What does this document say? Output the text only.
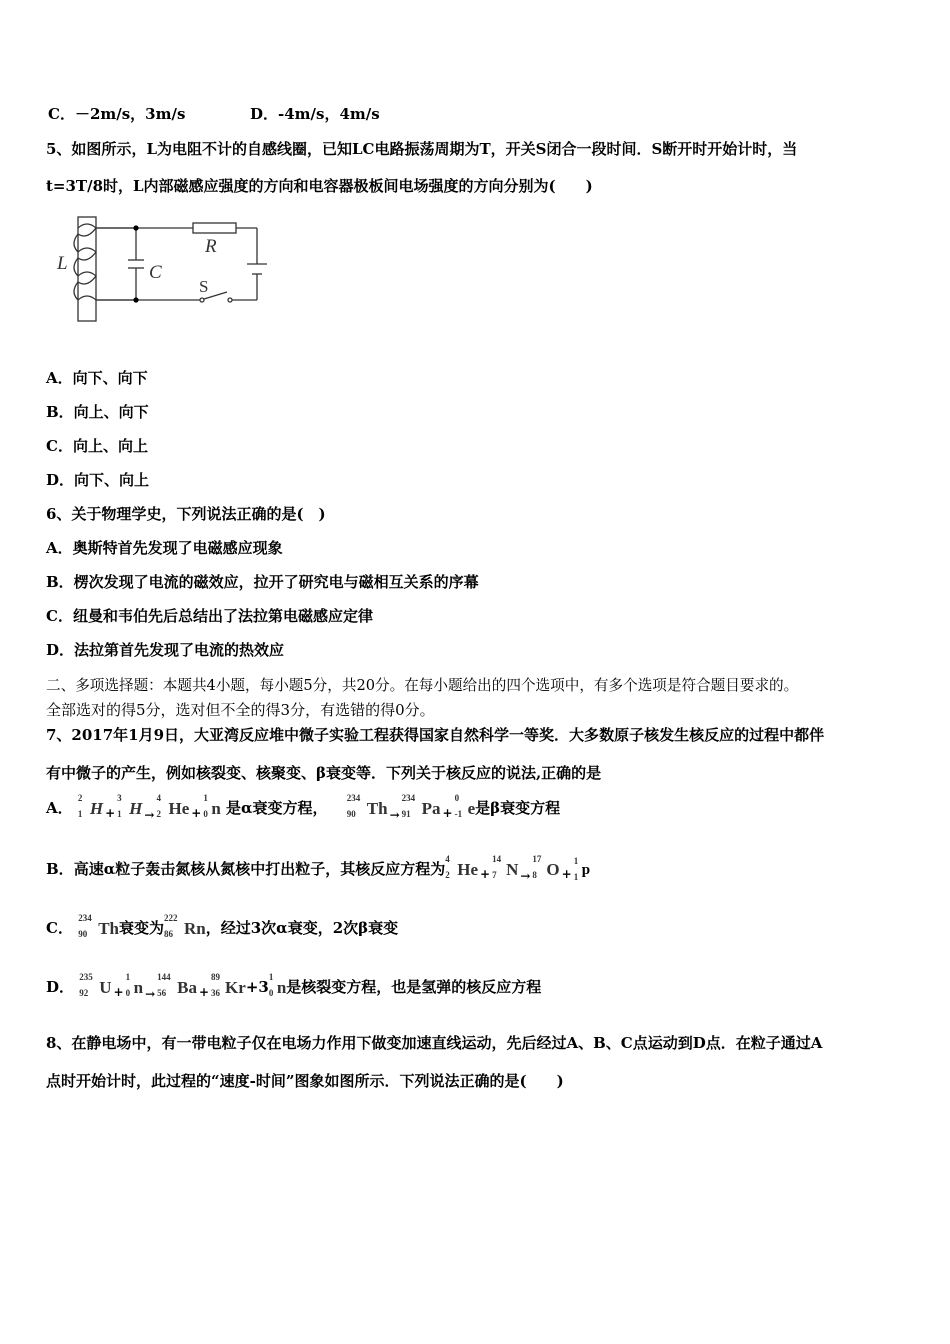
C．－2m/s，3m/s	D．-4m/s，4m/s
5、如图所示，L为电阻不计的自感线圈，已知LC电路振荡周期为T，开关S闭合一段时间．S断开时开始计时，当
t=3T/8时，L内部磁感应强度的方向和电容器极板间电场强度的方向分别为(　　)
L	C
R
S
A．向下、向下
B．向上、向下
C．向上、向上
D．向下、向上
6、关于物理学史，下列说法正确的是(　)
A．奥斯特首先发现了电磁感应现象
B．楞次发现了电流的磁效应，拉开了研究电与磁相互关系的序幕
C．纽曼和韦伯先后总结出了法拉第电磁感应定律
D．法拉第首先发现了电流的热效应
二、多项选择题：本题共4小题，每小题5分，共20分。在每小题给出的四个选项中，有多个选项是符合题目要求的。
全部选对的得5分，选对但不全的得3分，有选错的得0分。
7、2017年1月9日，大亚湾反应堆中微子实验工程获得国家自然科学一等奖．大多数原子核发生核反应的过程中都伴
有中微子的产生，例如核裂变、核聚变、β衰变等．下列关于核反应的说法,正确的是
A．
2
1 H $_+$
3
1 H $_\to$
4
2 He $_+$
1
0 n 是α衰变方程，
234
90 Th $_\to$
234
91 Pa $_+$
0
-1 e是β衰变方程
B．高速α粒子轰击氮核从氮核中打出粒子，其核反应方程为
4
2 He $_+$
14
7 N $_\to$
17
8 O $_+$
1
1 p
C．
234
90 Th衰变为
222
86 Rn，经过3次α衰变，2次β衰变
D．
235
92 U $_+$
1
0 n $_\to$
144
56 Ba $_+$
89
36 Kr+3
1
0 n是核裂变方程，也是氢弹的核反应方程
8、在静电场中，有一带电粒子仅在电场力作用下做变加速直线运动，先后经过A、B、C点运动到D点．在粒子通过A
点时开始计时，此过程的“速度-时间”图象如图所示．下列说法正确的是(　　)
